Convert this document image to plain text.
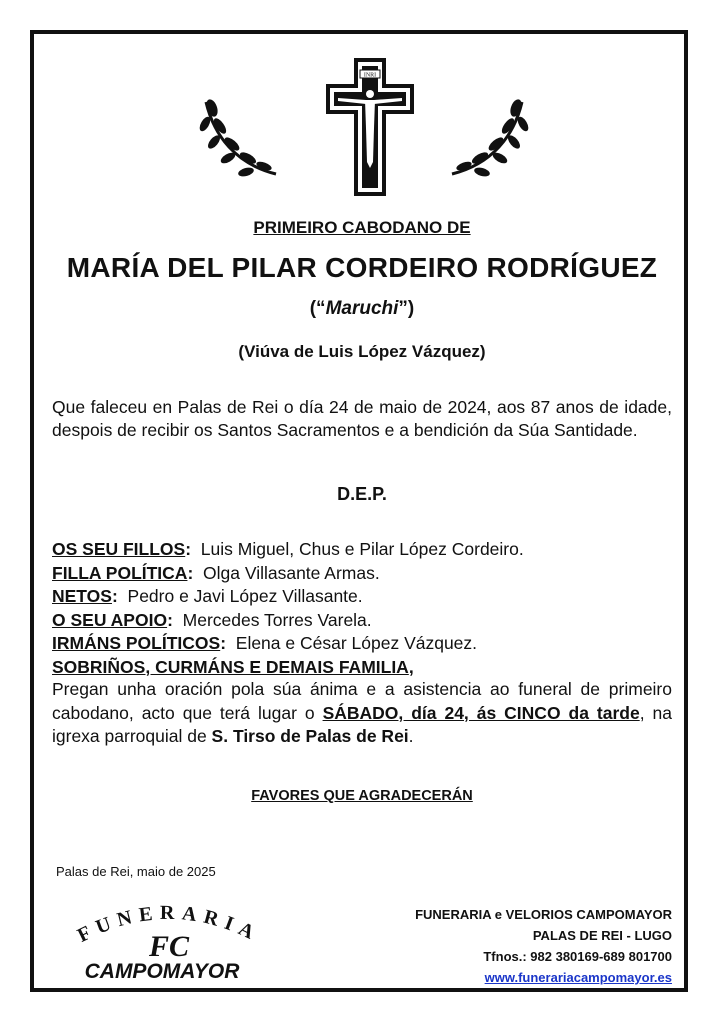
INRI
PRIMEIRO CABODANO DE
MARÍA DEL PILAR CORDEIRO RODRÍGUEZ
(“Maruchi”)
(Viúva de Luis López Vázquez)
Que faleceu en Palas de Rei o día 24 de maio de 2024, aos 87 anos de idade, despois de recibir os Santos Sacramentos e a bendición da Súa Santidade.
D.E.P.
OS SEU FILLOS: Luis Miguel, Chus e Pilar López Cordeiro.
FILLA POLÍTICA: Olga Villasante Armas.
NETOS: Pedro e Javi López Villasante.
O SEU APOIO: Mercedes Torres Varela.
IRMÁNS POLÍTICOS: Elena e César López Vázquez.
SOBRIÑOS, CURMÁNS E DEMAIS FAMILIA,
Pregan unha oración pola súa ánima e a asistencia ao funeral de primeiro cabodano, acto que terá lugar o SÁBADO, día 24, ás CINCO da tarde, na igrexa parroquial de S. Tirso de Palas de Rei.
FAVORES QUE AGRADECERÁN
Palas de Rei, maio de 2025
FUNERARIA
FC
CAMPOMAYOR
FUNERARIA e VELORIOS CAMPOMAYOR
PALAS DE REI - LUGO
Tfnos.: 982 380169-689 801700
www.funerariacampomayor.es
